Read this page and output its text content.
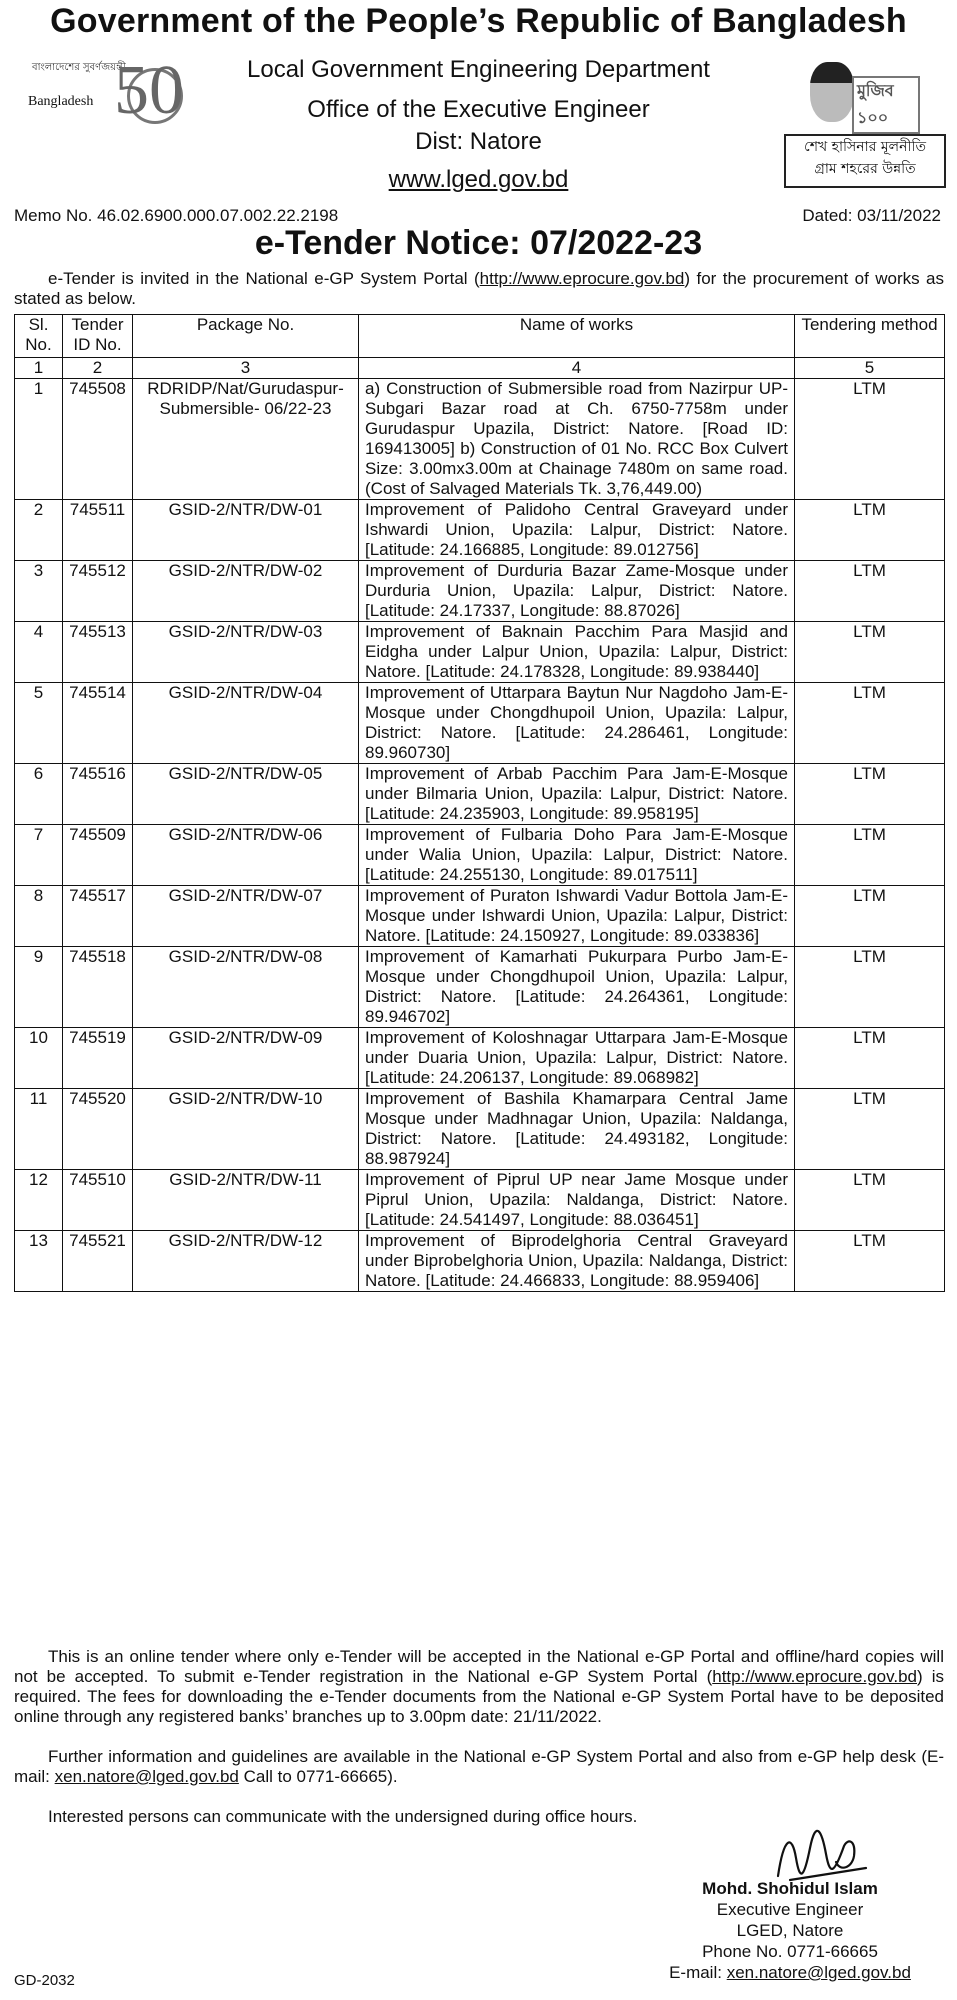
Government of the People’s Republic of Bangladesh
বাংলাদেশের সুবর্ণজয়ন্তী
50
Bangladesh
Local Government Engineering Department
Office of the Executive Engineer
Dist: Natore
www.lged.gov.bd
মুজিব ১০০
শেখ হাসিনার মূলনীতি
গ্রাম শহরের উন্নতি
Memo No. 46.02.6900.000.07.002.22.2198	Dated: 03/11/2022
e-Tender Notice: 07/2022-23
e-Tender is invited in the National e-GP System Portal (http://www.eprocure.gov.bd) for the procurement of works as stated as below.
Sl. No.	Tender ID No.	Package No.	Name of works	Tendering method
1	2	3	4	5
1	745508	RDRIDP/Nat/Gurudaspur-Submersible- 06/22-23	a) Construction of Submersible road from Nazirpur UP-Subgari Bazar road at Ch. 6750-7758m under Gurudaspur Upazila, District: Natore. [Road ID: 169413005] b) Construction of 01 No. RCC Box Culvert Size: 3.00mx3.00m at Chainage 7480m on same road. (Cost of Salvaged Materials Tk. 3,76,449.00)	LTM
2	745511	GSID-2/NTR/DW-01	Improvement of Palidoho Central Graveyard under Ishwardi Union, Upazila: Lalpur, District: Natore. [Latitude: 24.166885, Longitude: 89.012756]	LTM
3	745512	GSID-2/NTR/DW-02	Improvement of Durduria Bazar Zame-Mosque under Durduria Union, Upazila: Lalpur, District: Natore. [Latitude: 24.17337, Longitude: 88.87026]	LTM
4	745513	GSID-2/NTR/DW-03	Improvement of Baknain Pacchim Para Masjid and Eidgha under Lalpur Union, Upazila: Lalpur, District: Natore. [Latitude: 24.178328, Longitude: 89.938440]	LTM
5	745514	GSID-2/NTR/DW-04	Improvement of Uttarpara Baytun Nur Nagdoho Jam-E-Mosque under Chongdhupoil Union, Upazila: Lalpur, District: Natore. [Latitude: 24.286461, Longitude: 89.960730]	LTM
6	745516	GSID-2/NTR/DW-05	Improvement of Arbab Pacchim Para Jam-E-Mosque under Bilmaria Union, Upazila: Lalpur, District: Natore. [Latitude: 24.235903, Longitude: 89.958195]	LTM
7	745509	GSID-2/NTR/DW-06	Improvement of Fulbaria Doho Para Jam-E-Mosque under Walia Union, Upazila: Lalpur, District: Natore. [Latitude: 24.255130, Longitude: 89.017511]	LTM
8	745517	GSID-2/NTR/DW-07	Improvement of Puraton Ishwardi Vadur Bottola Jam-E-Mosque under Ishwardi Union, Upazila: Lalpur, District: Natore. [Latitude: 24.150927, Longitude: 89.033836]	LTM
9	745518	GSID-2/NTR/DW-08	Improvement of Kamarhati Pukurpara Purbo Jam-E-Mosque under Chongdhupoil Union, Upazila: Lalpur, District: Natore. [Latitude: 24.264361, Longitude: 89.946702]	LTM
10	745519	GSID-2/NTR/DW-09	Improvement of Koloshnagar Uttarpara Jam-E-Mosque under Duaria Union, Upazila: Lalpur, District: Natore. [Latitude: 24.206137, Longitude: 89.068982]	LTM
11	745520	GSID-2/NTR/DW-10	Improvement of Bashila Khamarpara Central Jame Mosque under Madhnagar Union, Upazila: Naldanga, District: Natore. [Latitude: 24.493182, Longitude: 88.987924]	LTM
12	745510	GSID-2/NTR/DW-11	Improvement of Piprul UP near Jame Mosque under Piprul Union, Upazila: Naldanga, District: Natore. [Latitude: 24.541497, Longitude: 88.036451]	LTM
13	745521	GSID-2/NTR/DW-12	Improvement of Biprodelghoria Central Graveyard under Biprobelghoria Union, Upazila: Naldanga, District: Natore. [Latitude: 24.466833, Longitude: 88.959406]	LTM
This is an online tender where only e-Tender will be accepted in the National e-GP Portal and offline/hard copies will not be accepted. To submit e-Tender registration in the National e-GP System Portal (http://www.eprocure.gov.bd) is required. The fees for downloading the e-Tender documents from the National e-GP System Portal have to be deposited online through any registered banks’ branches up to 3.00pm date: 21/11/2022.
Further information and guidelines are available in the National e-GP System Portal and also from e-GP help desk (E-mail: xen.natore@lged.gov.bd Call to 0771-66665).
Interested persons can communicate with the undersigned during office hours.
Mohd. Shohidul Islam
Executive Engineer
LGED, Natore
Phone No. 0771-66665
E-mail: xen.natore@lged.gov.bd
GD-2032
